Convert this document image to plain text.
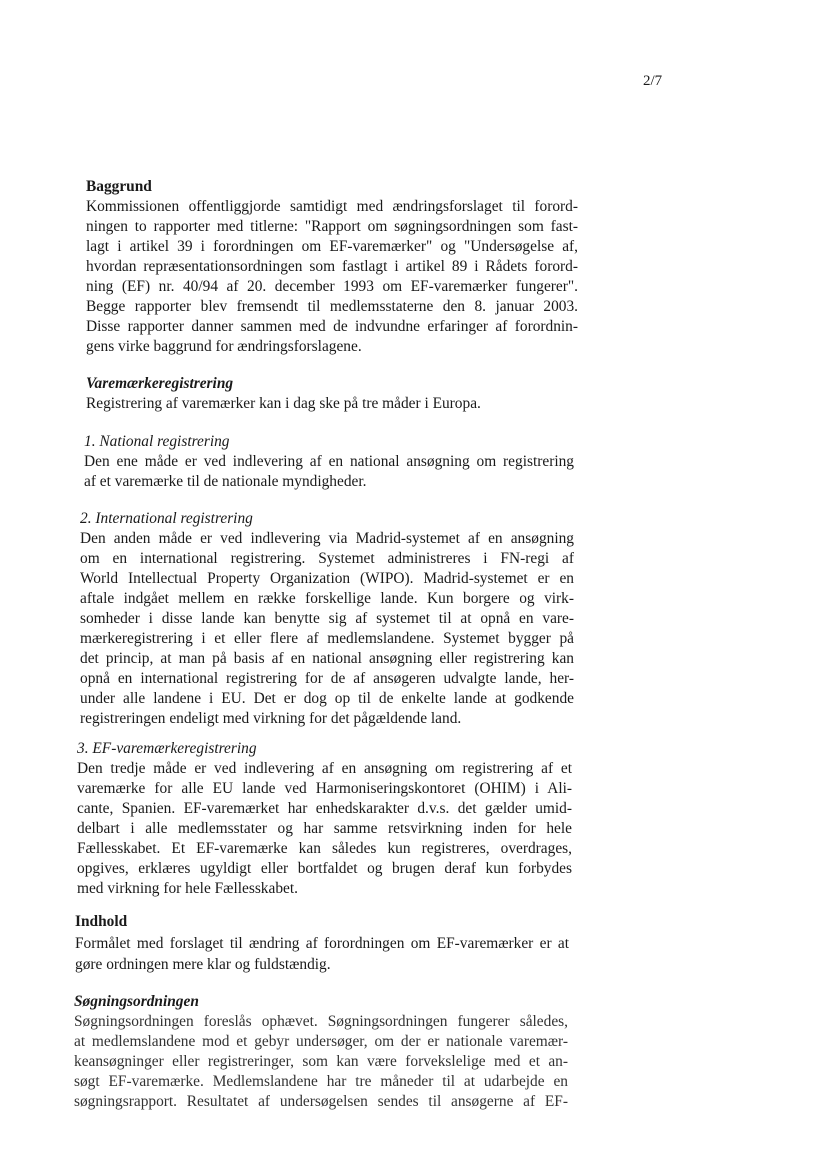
2/7
Baggrund
Kommissionen offentliggjorde samtidigt med ændringsforslaget til forord-
ningen to rapporter med titlerne: "Rapport om søgningsordningen som fast-
lagt i artikel 39 i forordningen om EF-varemærker" og "Undersøgelse af,
hvordan repræsentationsordningen som fastlagt i artikel 89 i Rådets forord-
ning (EF) nr. 40/94 af 20. december 1993 om EF-varemærker fungerer".
Begge rapporter blev fremsendt til medlemsstaterne den 8. januar 2003.
Disse rapporter danner sammen med de indvundne erfaringer af forordnin-
gens virke baggrund for ændringsforslagene.
Varemærkeregistrering
Registrering af varemærker kan i dag ske på tre måder i Europa.
1. National registrering
Den ene måde er ved indlevering af en national ansøgning om registrering
af et varemærke til de nationale myndigheder.
2. International registrering
Den anden måde er ved indlevering via Madrid-systemet af en ansøgning
om en international registrering. Systemet administreres i FN-regi af
World Intellectual Property Organization (WIPO). Madrid-systemet er en
aftale indgået mellem en række forskellige lande. Kun borgere og virk-
somheder i disse lande kan benytte sig af systemet til at opnå en vare-
mærkeregistrering i et eller flere af medlemslandene. Systemet bygger på
det princip, at man på basis af en national ansøgning eller registrering kan
opnå en international registrering for de af ansøgeren udvalgte lande, her-
under alle landene i EU. Det er dog op til de enkelte lande at godkende
registreringen endeligt med virkning for det pågældende land.
3. EF-varemærkeregistrering
Den tredje måde er ved indlevering af en ansøgning om registrering af et
varemærke for alle EU lande ved Harmoniseringskontoret (OHIM) i Ali-
cante, Spanien. EF-varemærket har enhedskarakter d.v.s. det gælder umid-
delbart i alle medlemsstater og har samme retsvirkning inden for hele
Fællesskabet. Et EF-varemærke kan således kun registreres, overdrages,
opgives, erklæres ugyldigt eller bortfaldet og brugen deraf kun forbydes
med virkning for hele Fællesskabet.
Indhold
Formålet med forslaget til ændring af forordningen om EF-varemærker er at
gøre ordningen mere klar og fuldstændig.
Søgningsordningen
Søgningsordningen foreslås ophævet. Søgningsordningen fungerer således,
at medlemslandene mod et gebyr undersøger, om der er nationale varemær-
keansøgninger eller registreringer, som kan være forvekslelige med et an-
søgt EF-varemærke. Medlemslandene har tre måneder til at udarbejde en
søgningsrapport. Resultatet af undersøgelsen sendes til ansøgerne af EF-
